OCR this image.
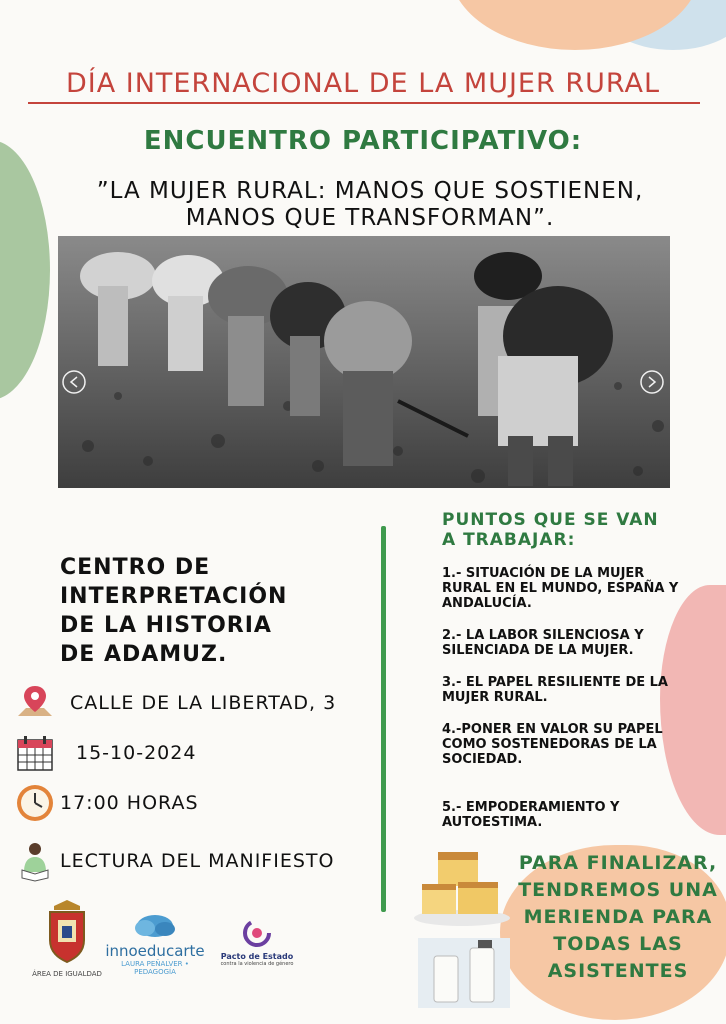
DÍA INTERNACIONAL DE LA MUJER RURAL
ENCUENTRO PARTICIPATIVO:
”LA MUJER RURAL: MANOS QUE SOSTIENEN,
MANOS QUE TRANSFORMAN”.
CENTRO DE
INTERPRETACIÓN
DE LA HISTORIA
DE ADAMUZ.
CALLE DE LA LIBERTAD, 3
15-10-2024
17:00 HORAS
LECTURA DEL MANIFIESTO
PUNTOS QUE SE VAN
A TRABAJAR:
1.- SITUACIÓN DE LA MUJER RURAL EN EL MUNDO, ESPAÑA Y ANDALUCÍA.
2.- LA LABOR SILENCIOSA Y SILENCIADA DE LA MUJER.
3.- EL PAPEL RESILIENTE DE LA MUJER RURAL.
4.-PONER EN VALOR SU PAPEL COMO SOSTENEDORAS DE LA SOCIEDAD.
5.- EMPODERAMIENTO Y AUTOESTIMA.
PARA FINALIZAR,
TENDREMOS UNA
MERIENDA PARA
TODAS LAS
ASISTENTES
ÁREA DE IGUALDAD
innoeducarte
LAURA PEÑALVER • PEDAGOGÍA
Pacto de Estado
contra la violencia de género
